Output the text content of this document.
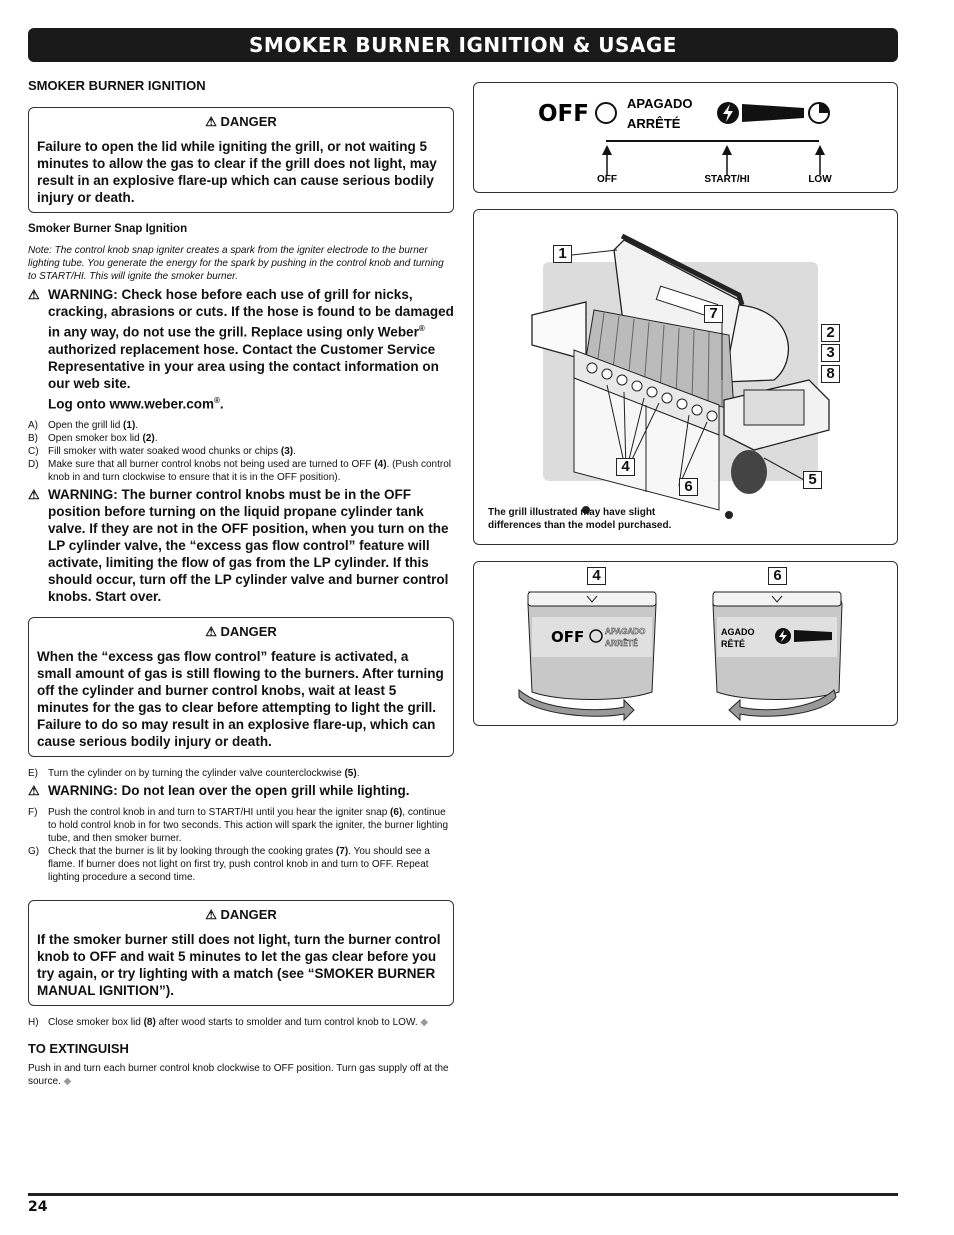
SMOKER BURNER IGNITION & USAGE
SMOKER BURNER IGNITION
⚠ DANGER
Failure to open the lid while igniting the grill, or not waiting 5 minutes to allow the gas to clear if the grill does not light, may result in an explosive flare-up which can cause serious bodily injury or death.
Smoker Burner Snap Ignition
Note: The control knob snap igniter creates a spark from the igniter electrode to the burner lighting tube. You generate the energy for the spark by pushing in the control knob and turning to START/HI. This will ignite the smoker burner.
⚠ WARNING: Check hose before each use of grill for nicks, cracking, abrasions or cuts. If the hose is found to be damaged in any way, do not use the grill. Replace using only Weber® authorized replacement hose. Contact the Customer Service Representative in your area using the contact information on our web site.
Log onto www.weber.com®.
A)	Open the grill lid (1).
B)	Open smoker box lid (2).
C) Fill smoker with water soaked wood chunks or chips (3).
D) Make sure that all burner control knobs not being used are turned to OFF (4). (Push control knob in and turn clockwise to ensure that it is in the OFF position).
⚠ WARNING: The burner control knobs must be in the OFF position before turning on the liquid propane cylinder tank valve. If they are not in the OFF position, when you turn on the LP cylinder valve, the “excess gas flow control” feature will activate, limiting the flow of gas from the LP cylinder. If this should occur, turn off the LP cylinder valve and burner control knobs. Start over.
⚠ DANGER
When the “excess gas flow control” feature is activated, a small amount of gas is still flowing to the burners. After turning off the cylinder and burner control knobs, wait at least 5 minutes for the gas to clear before attempting to light the grill. Failure to do so may result in an explosive flare-up, which can cause serious bodily injury or death.
E)	Turn the cylinder on by turning the cylinder valve counterclockwise (5).
⚠ WARNING: Do not lean over the open grill while lighting.
F)	Push the control knob in and turn to START/HI until you hear the igniter snap (6), continue to hold control knob in for two seconds. This action will spark the igniter, the burner lighting tube, and then smoker burner.
G) Check that the burner is lit by looking through the cooking grates (7). You should see a flame. If burner does not light on first try, push control knob in and turn to OFF. Repeat lighting procedure a second time.
⚠ DANGER
If the smoker burner still does not light, turn the burner control knob to OFF and wait 5 minutes to let the gas clear before you try again, or try lighting with a match (see “SMOKER BURNER MANUAL IGNITION”).
H) Close smoker box lid (8) after wood starts to smolder and turn control knob to LOW. ◆
TO EXTINGUISH
Push in and turn each burner control knob clockwise to OFF position. Turn gas supply off at the source. ◆
OFF	APAGADO
ARRÊTÉ
OFF	START/HI	LOW
1
7
2
3
8
4
6	5
The grill illustrated may have slight differences than the model purchased.
OFF	APAGADO
ARRÊTÉ
AGADO
RÊTÉ
4	6
24
